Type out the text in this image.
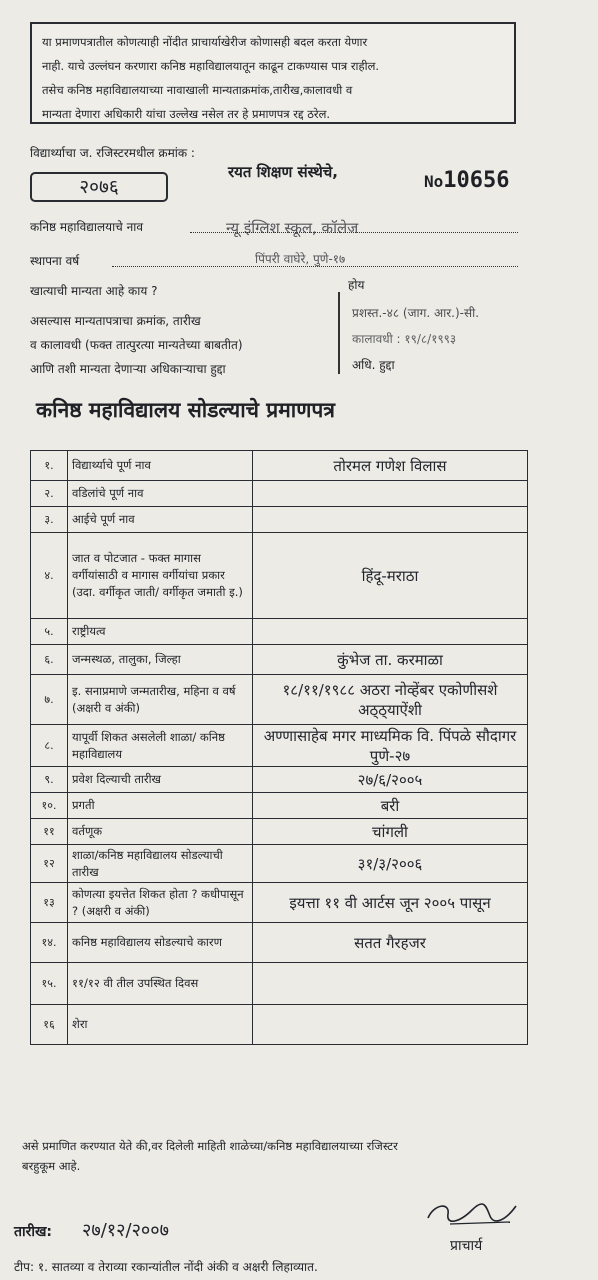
या प्रमाणपत्रातील कोणत्याही नोंदीत प्राचार्याखेरीज कोणासही बदल करता येणार
नाही. याचे उल्लंघन करणारा कनिष्ठ महाविद्यालयातून काढून टाकण्यास पात्र राहील.
तसेच कनिष्ठ महाविद्यालयाच्या नावाखाली मान्यताक्रमांक,तारीख,कालावधी व
मान्यता देणारा अधिकारी यांचा उल्लेख नसेल तर हे प्रमाणपत्र रद्द ठरेल.
विद्यार्थ्याचा ज. रजिस्टरमधील क्रमांक :
२०७६
रयत शिक्षण संस्थेचे,	No10656
कनिष्ठ महाविद्यालयाचे नाव	न्यू इंग्लिश स्कूल, कॉलेज
स्थापना वर्ष	पिंपरी वाघेरे, पुणे-१७
खात्याची मान्यता आहे काय ?	होय
असल्यास मान्यतापत्राचा क्रमांक, तारीख
प्रशस्त.-४८ (जाग. आर.)-सी.
व कालावधी (फक्त तात्पुरत्या मान्यतेच्या बाबतीत)	कालावधी : १९/८/१९९३
आणि तशी मान्यता देणाऱ्या अधिकाऱ्याचा हुद्दा	अधि. हुद्दा
कनिष्ठ महाविद्यालय सोडल्याचे प्रमाणपत्र
१.	विद्यार्थ्याचे पूर्ण नाव	तोरमल गणेश विलास
२.	वडिलांचे पूर्ण नाव	
३.	आईचे पूर्ण नाव	
४.	जात व पोटजात - फक्त मागास वर्गीयांसाठी व मागास वर्गीयांचा प्रकार (उदा. वर्गीकृत जाती/ वर्गीकृत जमाती इ.)	हिंदू-मराठा
५.	राष्ट्रीयत्व	
६.	जन्मस्थळ, तालुका, जिल्हा	कुंभेज ता. करमाळा
७.	इ. सनाप्रमाणे जन्मतारीख, महिना व वर्ष (अक्षरी व अंकी)	१८/११/१९८८ अठरा नोव्हेंबर एकोणीसशे अठ्ठ्याऐंशी
८.	यापूर्वी शिकत असलेली शाळा/ कनिष्ठ महाविद्यालय	अण्णासाहेब मगर माध्यमिक वि. पिंपळे सौदागर पुणे-२७
९.	प्रवेश दिल्याची तारीख	२७/६/२००५
१०.	प्रगती	बरी
११	वर्तणूक	चांगली
१२	शाळा/कनिष्ठ महाविद्यालय सोडल्याची तारीख	३१/३/२००६
१३	कोणत्या इयत्तेत शिकत होता ? कधीपासून ? (अक्षरी व अंकी)	इयत्ता ११ वी आर्टस जून २००५ पासून
१४.	कनिष्ठ महाविद्यालय सोडल्याचे कारण	सतत गैरहजर
१५.	११/१२ वी तील उपस्थित दिवस	
१६	शेरा	
असे प्रमाणित करण्यात येते की,वर दिलेली माहिती शाळेच्या/कनिष्ठ महाविद्यालयाच्या रजिस्टर
बरहुकूम आहे.
तारीख: २७/१२/२००७
प्राचार्य
टीप: १. सातव्या व तेराव्या रकान्यांतील नोंदी अंकी व अक्षरी लिहाव्यात.
